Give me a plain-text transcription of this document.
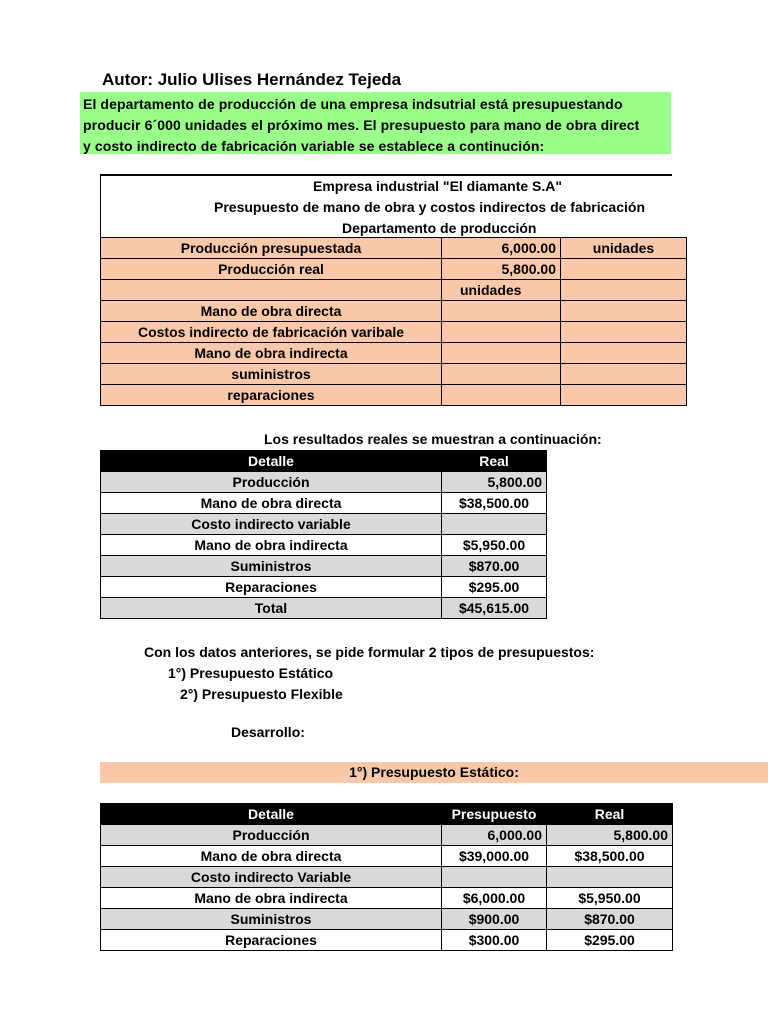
Autor: Julio Ulises Hernández Tejeda
El departamento de producción de una empresa indsutrial está presupuestando
producir 6´000 unidades el próximo mes. El presupuesto para mano de obra direct
y costo indirecto de fabricación variable se establece a continución:
Empresa industrial "El diamante S.A"
Presupuesto de mano de obra y costos indirectos de fabricación
Departamento de producción
Producción presupuestada	6,000.00	unidades
Producción real	5,800.00	
	unidades	
Mano de obra directa		
Costos indirecto de fabricación varibale		
Mano de obra indirecta		
suministros		
reparaciones		
Los resultados reales se muestran a continuación:
Detalle	Real
Producción	5,800.00
Mano de obra directa	$38,500.00
Costo indirecto variable	
Mano de obra indirecta	$5,950.00
Suministros	$870.00
Reparaciones	$295.00
Total	$45,615.00
Con los datos anteriores, se pide formular 2 tipos de presupuestos:
1°) Presupuesto Estático
2°) Presupuesto Flexible
Desarrollo:
1°) Presupuesto Estático:
Detalle	Presupuesto	Real
Producción	6,000.00	5,800.00
Mano de obra directa	$39,000.00	$38,500.00
Costo indirecto Variable		
Mano de obra indirecta	$6,000.00	$5,950.00
Suministros	$900.00	$870.00
Reparaciones	$300.00	$295.00
